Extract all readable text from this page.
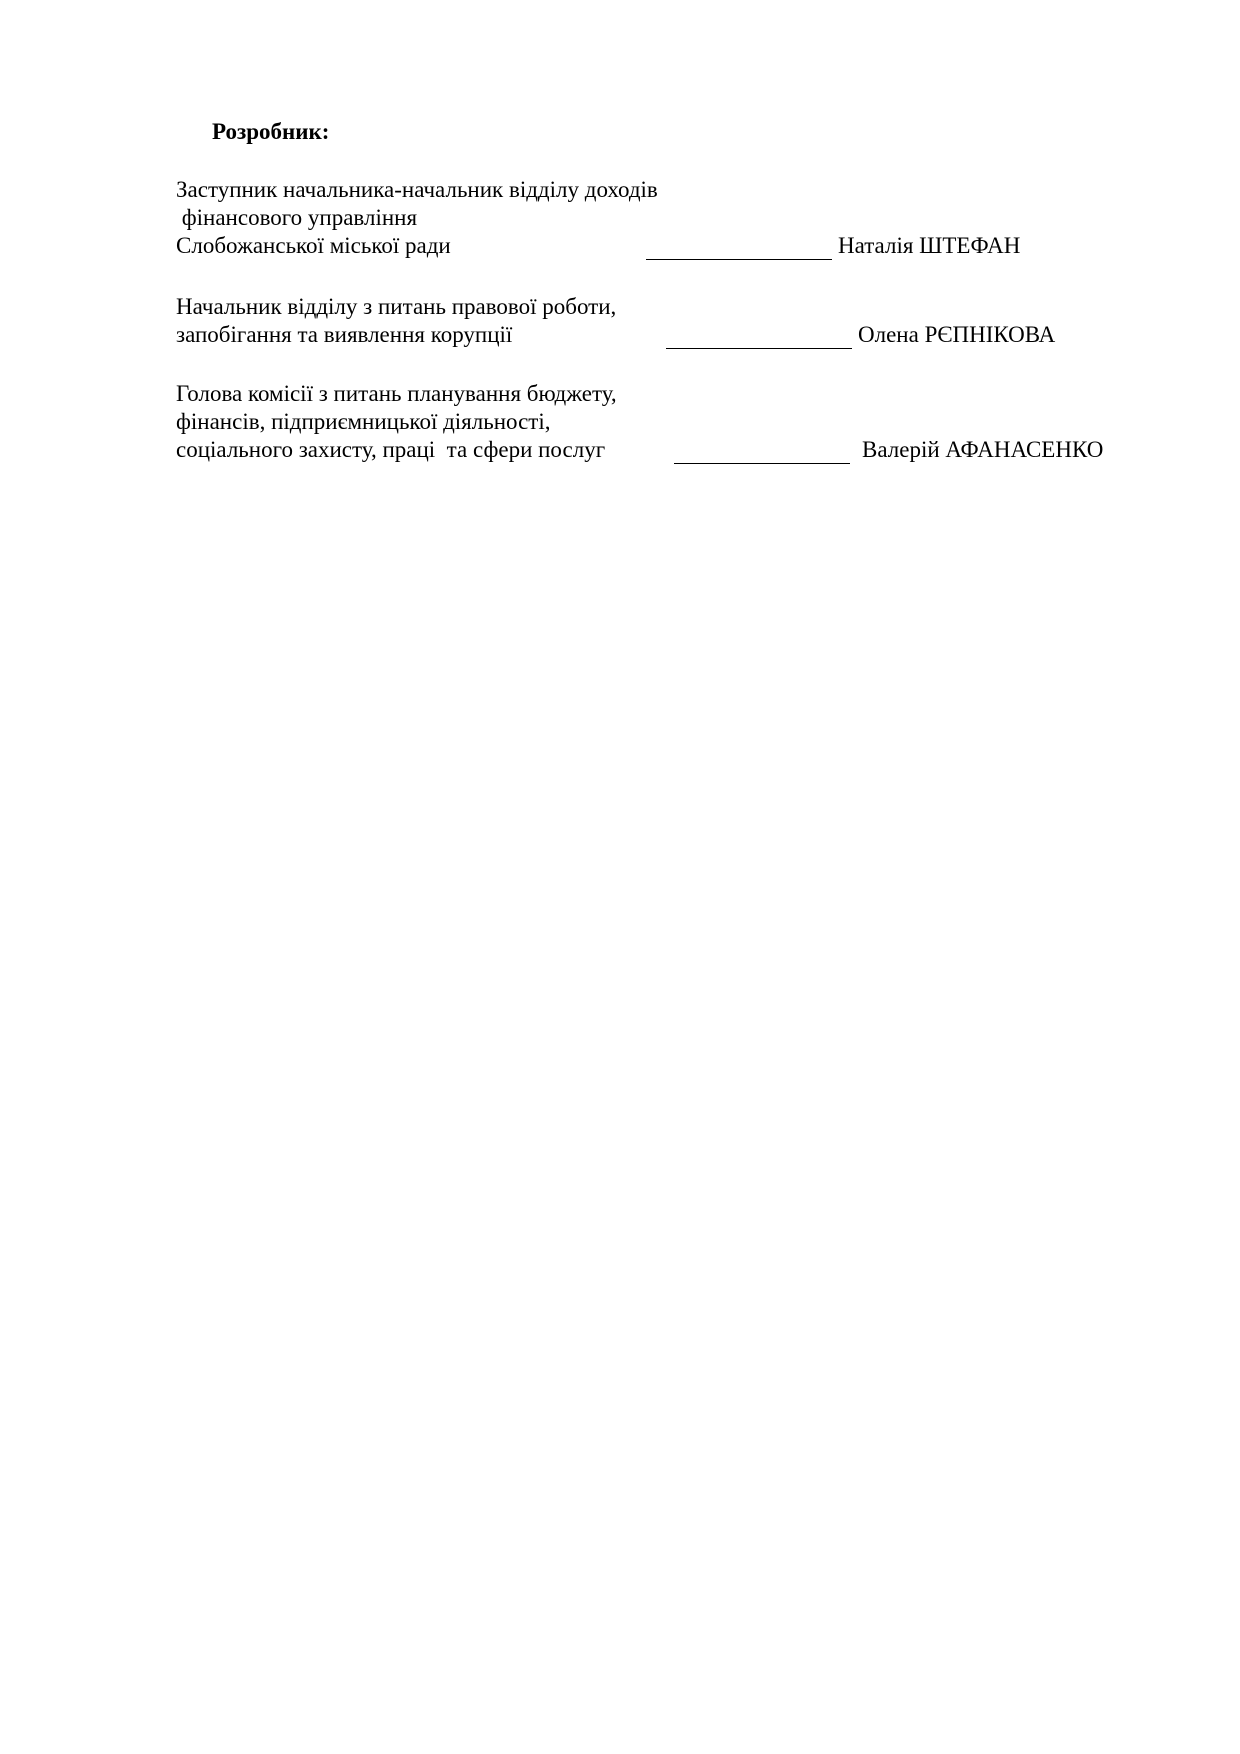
Розробник:
Заступник начальника-начальник відділу доходів
фінансового управління
Слобожанської міської ради	Наталія ШТЕФАН
Начальник відділу з питань правової роботи,
запобігання та виявлення корупції	Олена РЄПНІКОВА
Голова комісії з питань планування бюджету,
фінансів, підприємницької діяльності,
соціального захисту, праці  та сфери послуг	Валерій АФАНАСЕНКО
